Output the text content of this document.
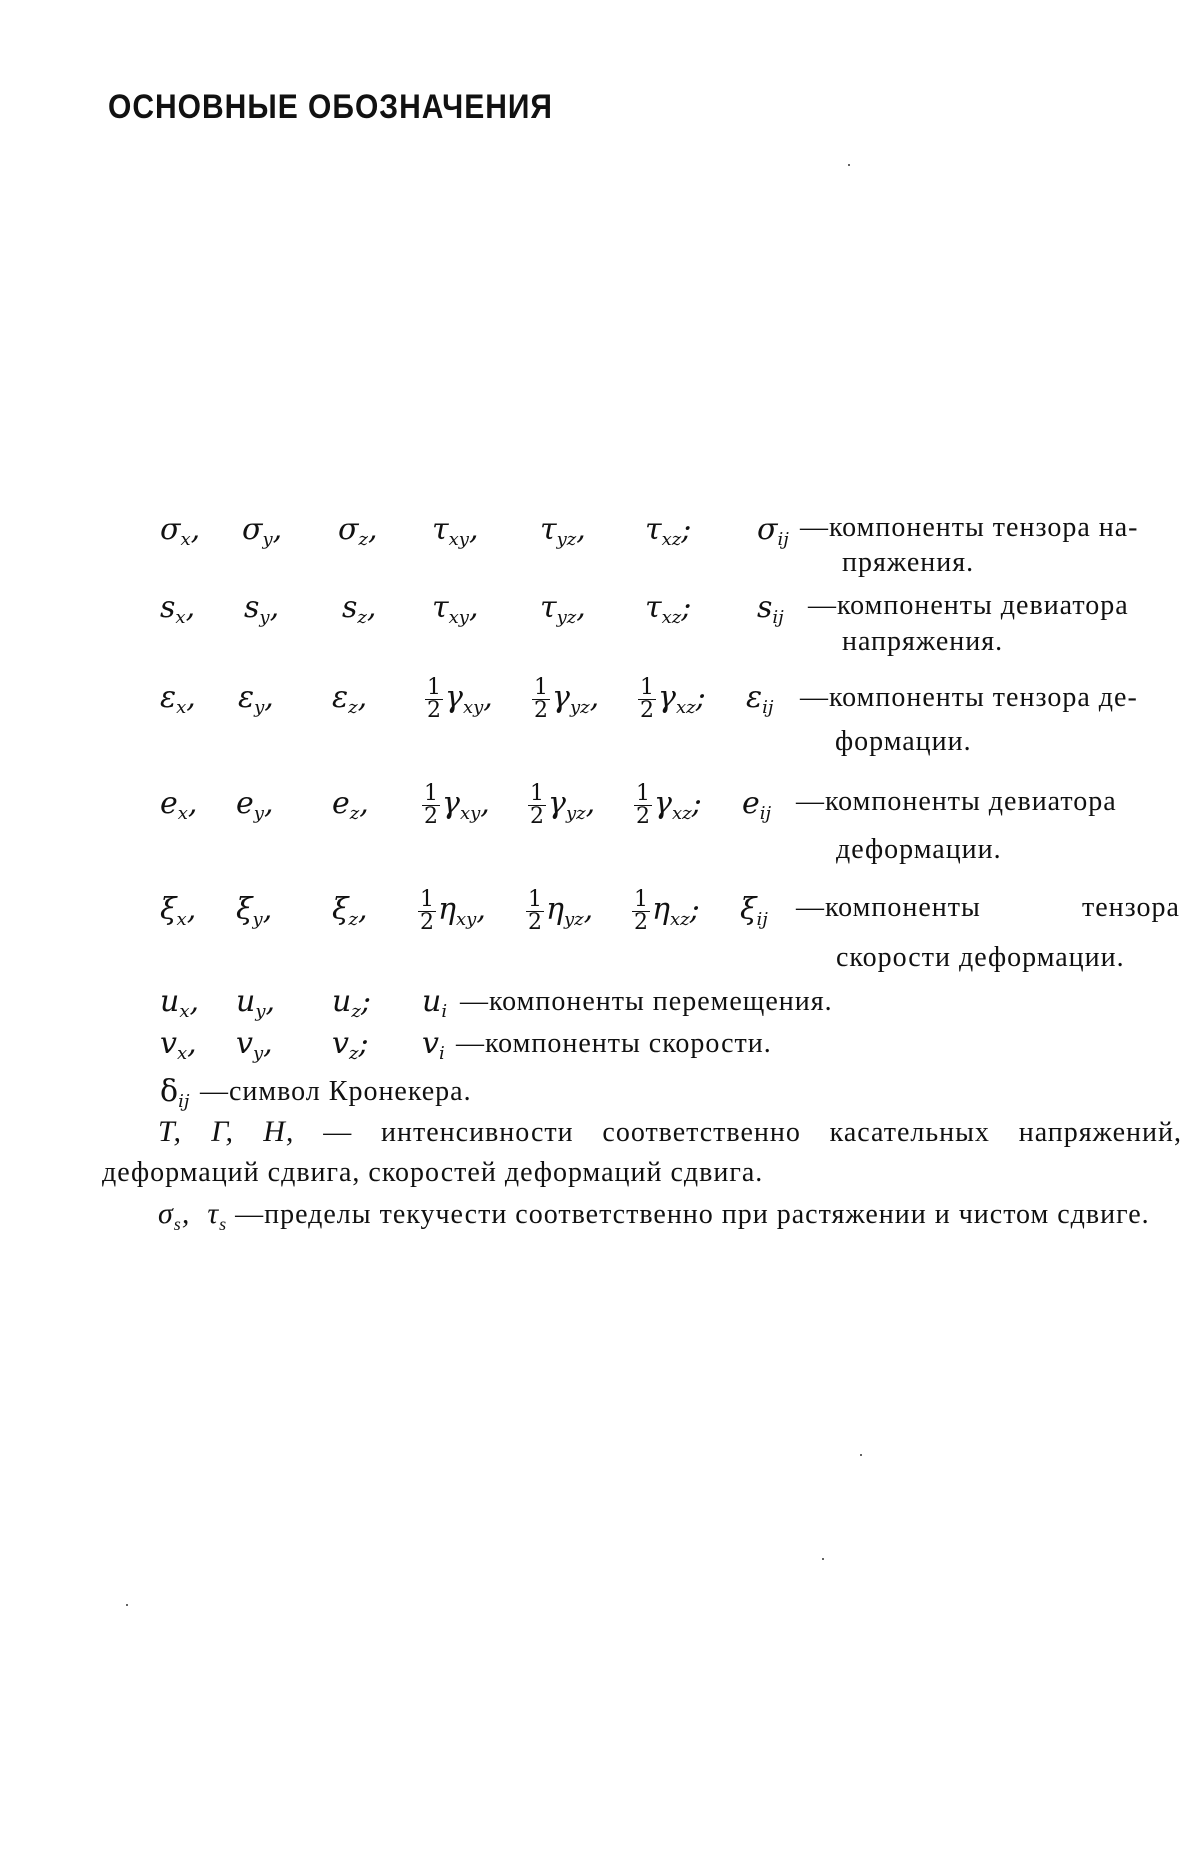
ОСНОВНЫЕ ОБОЗНАЧЕНИЯ
$\sigma_x$, $\sigma_y$, $\sigma_z$, $\tau_{xy}$, $\tau_{yz}$, $\tau_{xz}$; $\sigma_{ij}$ —компоненты тензора на-
пряжения.
$s_x$, $s_y$, $s_z$, $\tau_{xy}$, $\tau_{yz}$, $\tau_{xz}$; $s_{ij}$ —компоненты девиатора
напряжения.
$\varepsilon_x$, $\varepsilon_y$, $\varepsilon_z$,	$\frac{1}{2} \gamma_{xy}$, $\frac{1}{2} \gamma_{yz}$, $\frac{1}{2} \gamma_{xz}$; $\varepsilon_{ij}$ —компоненты тензора де-
формации.
$e_x$, $e_y$, $e_z$, $\frac{1}{2} \gamma_{xy}$, $\frac{1}{2} \gamma_{yz}$, $\frac{1}{2} \gamma_{xz}$; $e_{ij}$ —компоненты девиатора
деформации.
$\xi_x$, $\xi_y$, $\xi_z$, $\frac{1}{2} \eta_{xy}$, $\frac{1}{2} \eta_{yz}$, $\frac{1}{2} \eta_{xz}$; $\xi_{ij}$ —компоненты тензора
скорости деформации.
$u_x$, $u_y$, $u_z$; $u_i$ —компоненты перемещения.
$v_x$, $v_y$, $v_z$; $v_i$ —компоненты скорости.
$\delta_{ij}$ —символ Кронекера.
T, Γ, H, — интенсивности соответственно касательных напряжений, деформаций сдвига, скоростей деформаций сдвига.
$\sigma_s$,  $\tau_s$ —пределы текучести соответственно при растяжении и чистом сдвиге.
